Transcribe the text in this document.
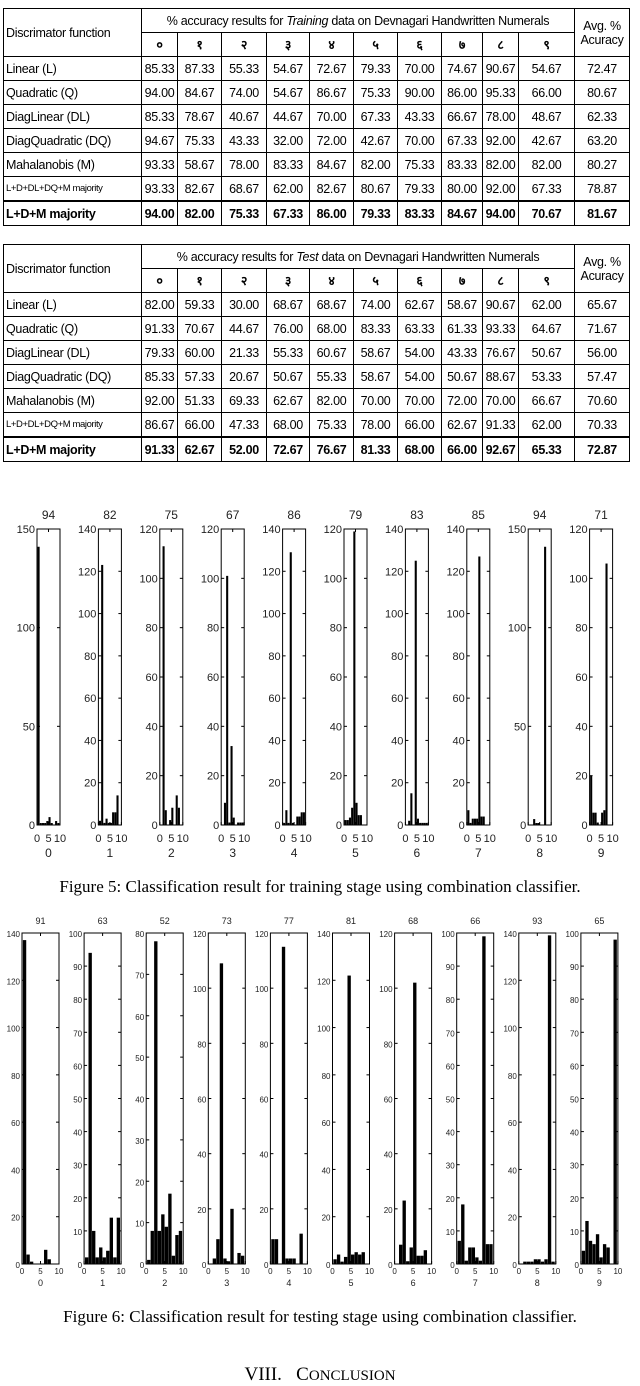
Discrimator function	% accuracy results for Training data on Devnagari Handwritten Numerals										Avg. %
Acuracy

	०	१	२	३	४	५	६	७	८	९	
Linear (L)	85.33	87.33	55.33	54.67	72.67	79.33	70.00	74.67	90.67	54.67	72.47
Quadratic (Q)	94.00	84.67	74.00	54.67	86.67	75.33	90.00	86.00	95.33	66.00	80.67
DiagLinear (DL)	85.33	78.67	40.67	44.67	70.00	67.33	43.33	66.67	78.00	48.67	62.33
DiagQuadratic (DQ)	94.67	75.33	43.33	32.00	72.00	42.67	70.00	67.33	92.00	42.67	63.20
Mahalanobis (M)	93.33	58.67	78.00	83.33	84.67	82.00	75.33	83.33	82.00	82.00	80.27
L+D+DL+DQ+M majority	93.33	82.67	68.67	62.00	82.67	80.67	79.33	80.00	92.00	67.33	78.87
L+D+M majority	94.00	82.00	75.33	67.33	86.00	79.33	83.33	84.67	94.00	70.67	81.67
Discrimator function	% accuracy results for Test data on Devnagari Handwritten Numerals										Avg. %
Acuracy

	०	१	२	३	४	५	६	७	८	९	
Linear (L)	82.00	59.33	30.00	68.67	68.67	74.00	62.67	58.67	90.67	62.00	65.67
Quadratic (Q)	91.33	70.67	44.67	76.00	68.00	83.33	63.33	61.33	93.33	64.67	71.67
DiagLinear (DL)	79.33	60.00	21.33	55.33	60.67	58.67	54.00	43.33	76.67	50.67	56.00
DiagQuadratic (DQ)	85.33	57.33	20.67	50.67	55.33	58.67	54.00	50.67	88.67	53.33	57.47
Mahalanobis (M)	92.00	51.33	69.33	62.67	82.00	70.00	70.00	72.00	70.00	66.67	70.60
L+D+DL+DQ+M majority	86.67	66.00	47.33	68.00	75.33	78.00	66.00	62.67	91.33	62.00	70.33
L+D+M majority	91.33	62.67	52.00	72.67	76.67	81.33	68.00	66.00	92.67	65.33	72.87
0
50
100
150
0 5 10
94
0
0
20
40
60
80
100
120
140
0 5 10
82
1
0
20
40
60
80
100
120
0 5 10
75
2
0
20
40
60
80
100
120
0 5 10
67
3
0
20
40
60
80
100
120
140
0 5 10
86
4
0
20
40
60
80
100
120
0 5 10
79
5
0
20
40
60
80
100
120
140
0 5 10
83
6
0
20
40
60
80
100
120
140
0 5 10
85
7
0
50
100
150
0 5 10
94
8
0
20
40
60
80
100
120
0 5 10
71
9
Figure 5: Classification result for training stage using combination classifier.
0
20
40
60
80
100
120
140
0 5 10
91
0
0
10
20
30
40
50
60
70
80
90
100
0 5 10
63
1
0
10
20
30
40
50
60
70
80
0 5 10
52
2
0
20
40
60
80
100
120
0 5 10
73
3
0
20
40
60
80
100
120
0 5 10
77
4
0
20
40
60
80
100
120
140
0 5 10
81
5
0
20
40
60
80
100
120
0 5 10
68
6
0
10
20
30
40
50
60
70
80
90
100
0 5 10
66
7
0
20
40
60
80
100
120
140
0 5 10
93
8
0
10
20
30
40
50
60
70
80
90
100
0 5 10
65
9
Figure 6: Classification result for testing stage using combination classifier.
VIII. CONCLUSION
